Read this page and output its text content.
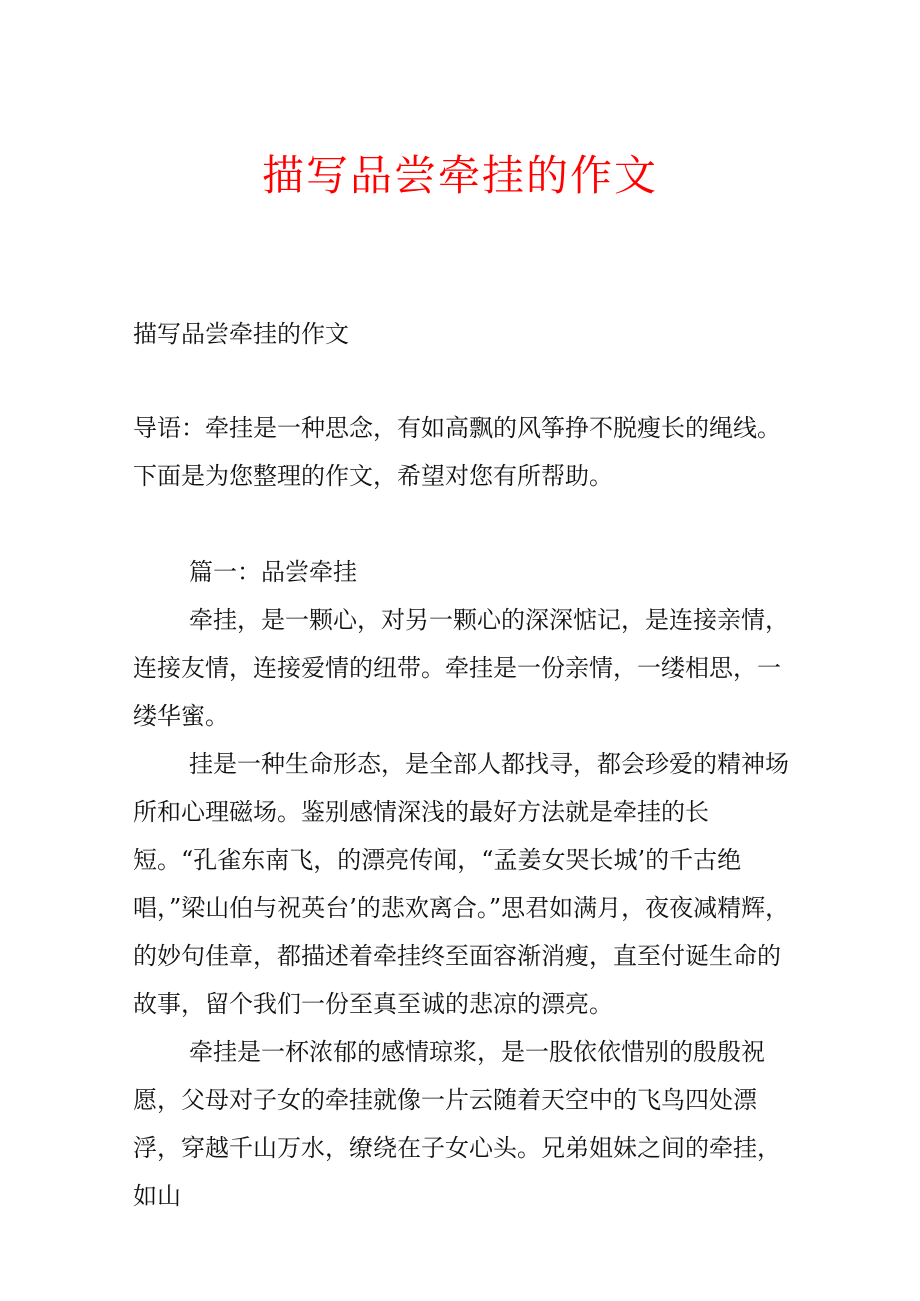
描写品尝牵挂的作文

描写品尝牵挂的作文

导语：牵挂是一种思念，有如高飘的风筝挣不脱瘦长的绳线。下面是为您整理的作文，希望对您有所帮助。

篇一：品尝牵挂

牵挂，是一颗心，对另一颗心的深深惦记，是连接亲情，连接友情，连接爱情的纽带。牵挂是一份亲情，一缕相思，一缕华蜜。

挂是一种生命形态，是全部人都找寻，都会珍爱的精神场所和心理磁场。鉴别感情深浅的最好方法就是牵挂的长短。“孔雀东南飞，的漂亮传闻，“孟姜女哭长城’的千古绝唱，”梁山伯与祝英台’的悲欢离合。”思君如满月，夜夜减精辉，的妙句佳章，都描述着牵挂终至面容渐消瘦，直至付诞生命的故事，留个我们一份至真至诚的悲凉的漂亮。

牵挂是一杯浓郁的感情琼浆，是一股依依惜别的殷殷祝愿，父母对子女的牵挂就像一片云随着天空中的飞鸟四处漂浮，穿越千山万水，缭绕在子女心头。兄弟姐妹之间的牵挂，如山
